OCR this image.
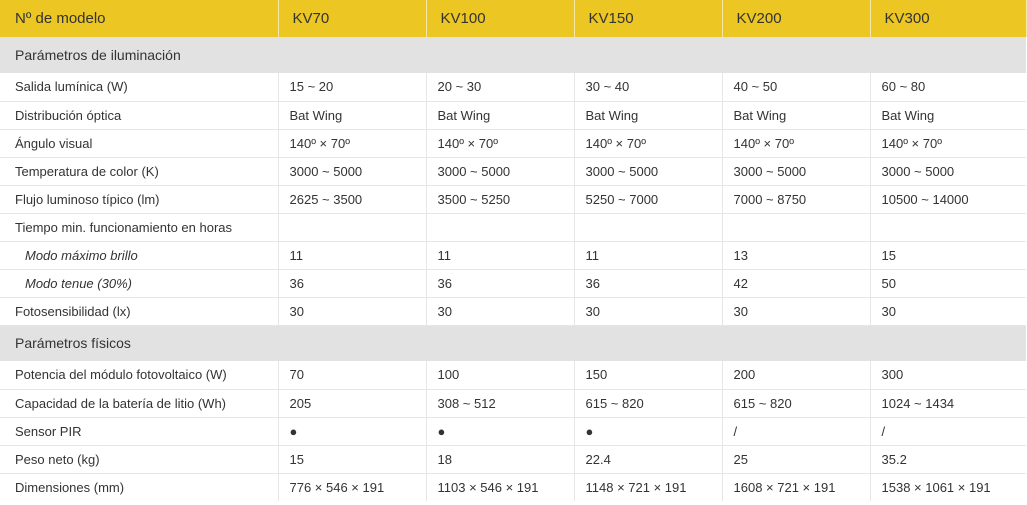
Nº de modelo	KV70	KV100	KV150	KV200	KV300
Parámetros de iluminación					
Salida lumínica (W)	15 ~ 20	20 ~ 30	30 ~ 40	40 ~ 50	60 ~ 80
Distribución óptica	Bat Wing	Bat Wing	Bat Wing	Bat Wing	Bat Wing
Ángulo visual	140º × 70º	140º × 70º	140º × 70º	140º × 70º	140º × 70º
Temperatura de color (K)	3000 ~ 5000	3000 ~ 5000	3000 ~ 5000	3000 ~ 5000	3000 ~ 5000
Flujo luminoso típico (lm)	2625 ~ 3500	3500 ~ 5250	5250 ~ 7000	7000 ~ 8750	10500 ~ 14000
Tiempo min. funcionamiento en horas					
Modo máximo brillo	11	11	11	13	15
Modo tenue (30%)	36	36	36	42	50
Fotosensibilidad (lx)	30	30	30	30	30
Parámetros físicos					
Potencia del módulo fotovoltaico (W)	70	100	150	200	300
Capacidad de la batería de litio (Wh)	205	308 ~ 512	615 ~ 820	615 ~ 820	1024 ~ 1434
Sensor PIR	●	●	●	/	/
Peso neto (kg)	15	18	22.4	25	35.2
Dimensiones (mm)	776 × 546 × 191	1103 × 546 × 191	1148 × 721 × 191	1608 × 721 × 191	1538 × 1061 × 191
